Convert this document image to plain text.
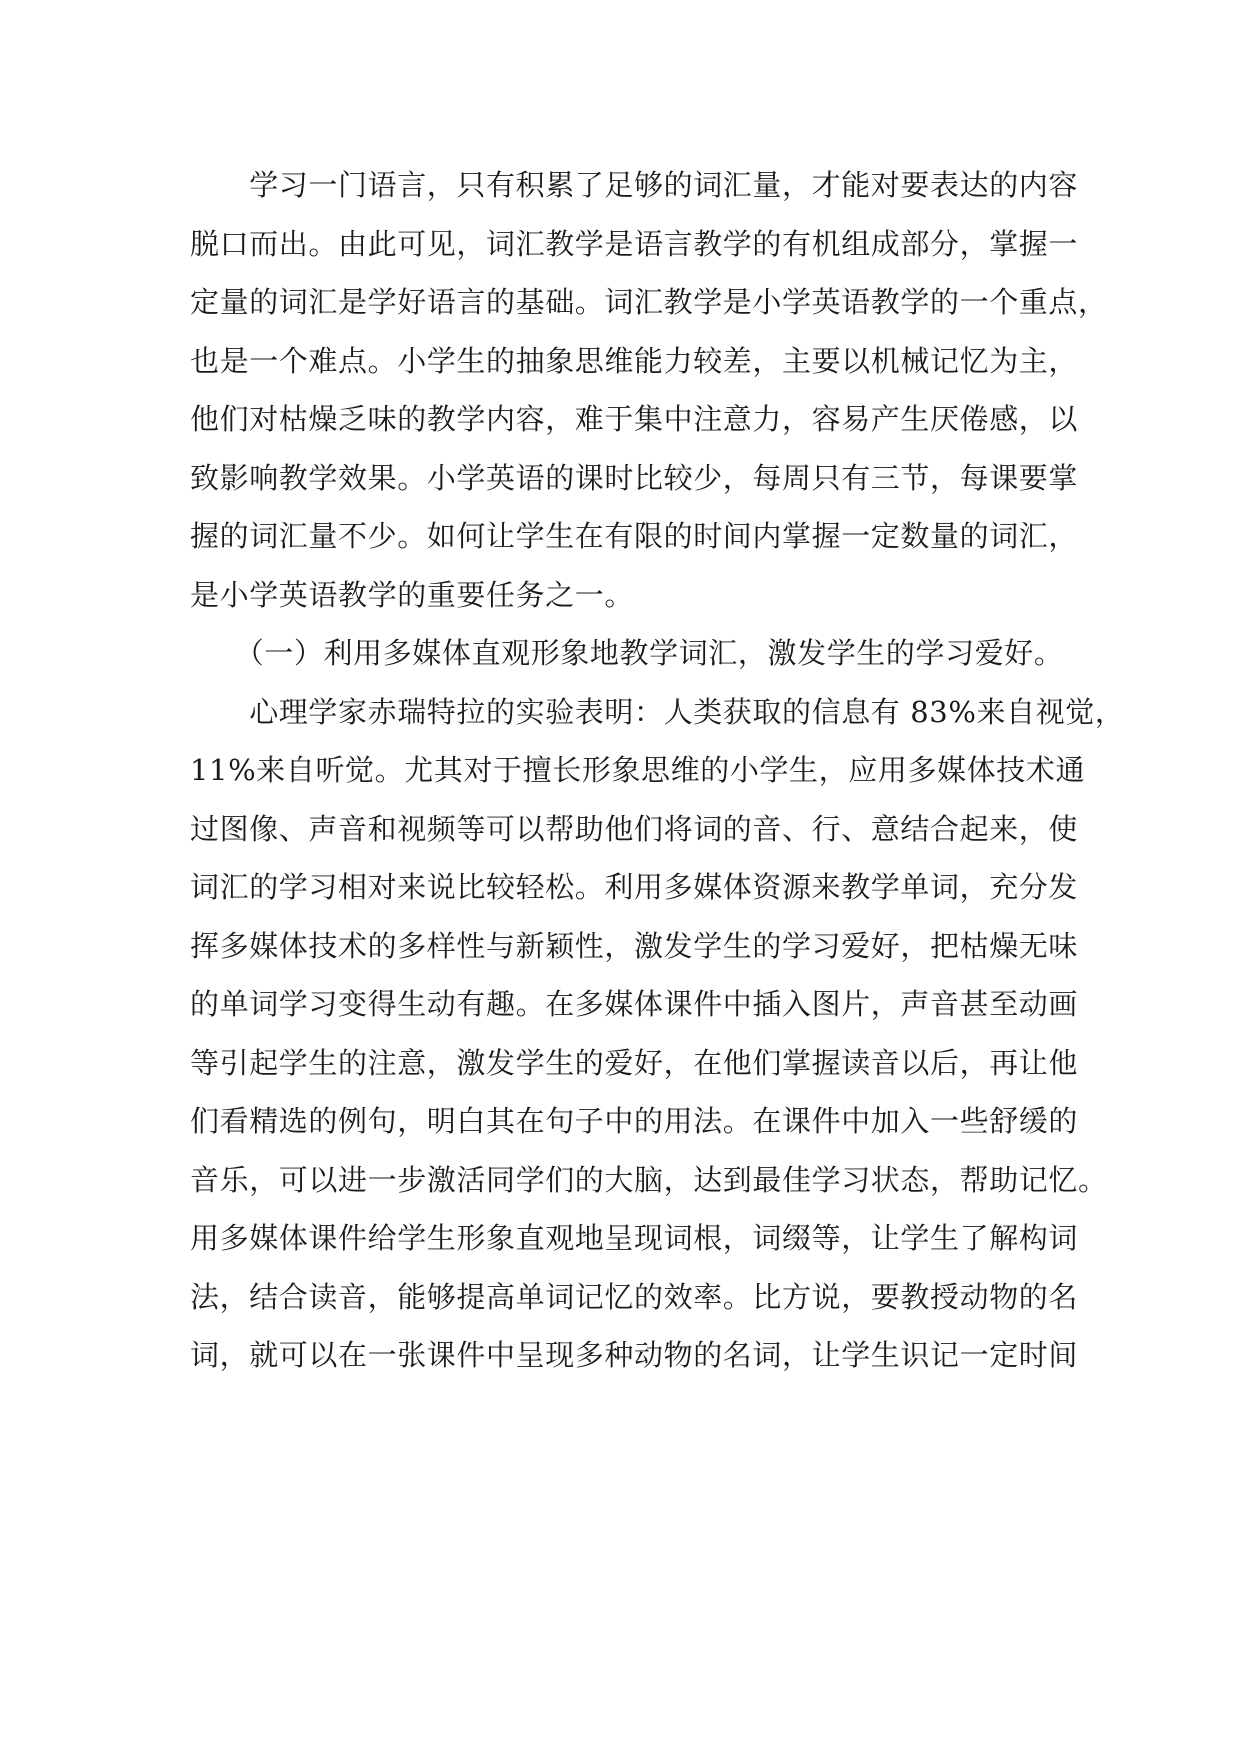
　　学习一门语言，只有积累了足够的词汇量，才能对要表达的内容
脱口而出。由此可见，词汇教学是语言教学的有机组成部分，掌握一
定量的词汇是学好语言的基础。词汇教学是小学英语教学的一个重点，
也是一个难点。小学生的抽象思维能力较差，主要以机械记忆为主，
他们对枯燥乏味的教学内容，难于集中注意力，容易产生厌倦感，以
致影响教学效果。小学英语的课时比较少，每周只有三节，每课要掌
握的词汇量不少。如何让学生在有限的时间内掌握一定数量的词汇，
是小学英语教学的重要任务之一。
　　（一）利用多媒体直观形象地教学词汇，激发学生的学习爱好。
　　心理学家赤瑞特拉的实验表明：人类获取的信息有 83%来自视觉，
11%来自听觉。尤其对于擅长形象思维的小学生，应用多媒体技术通
过图像、声音和视频等可以帮助他们将词的音、行、意结合起来，使
词汇的学习相对来说比较轻松。利用多媒体资源来教学单词，充分发
挥多媒体技术的多样性与新颖性，激发学生的学习爱好，把枯燥无味
的单词学习变得生动有趣。在多媒体课件中插入图片，声音甚至动画
等引起学生的注意，激发学生的爱好，在他们掌握读音以后，再让他
们看精选的例句，明白其在句子中的用法。在课件中加入一些舒缓的
音乐，可以进一步激活同学们的大脑，达到最佳学习状态，帮助记忆。
用多媒体课件给学生形象直观地呈现词根，词缀等，让学生了解构词
法，结合读音，能够提高单词记忆的效率。比方说，要教授动物的名
词，就可以在一张课件中呈现多种动物的名词，让学生识记一定时间
